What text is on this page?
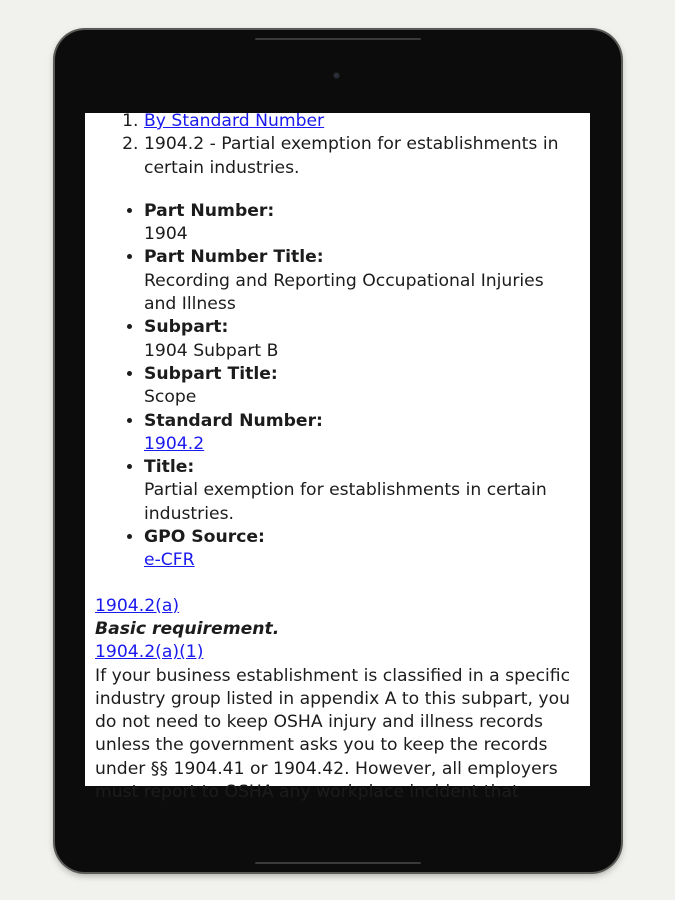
1. By Standard Number
2. 1904.2 - Partial exemption for establishments in certain industries.
• Part Number:
1904
• Part Number Title:
Recording and Reporting Occupational Injuries and Illness
• Subpart:
1904 Subpart B
• Subpart Title:
Scope
• Standard Number:
1904.2
• Title:
Partial exemption for establishments in certain industries.
• GPO Source:
e-CFR
1904.2(a)
Basic requirement.
1904.2(a)(1)
If your business establishment is classified in a specific industry group listed in appendix A to this subpart, you do not need to keep OSHA injury and illness records unless the government asks you to keep the records under §§ 1904.41 or 1904.42. However, all employers must report to OSHA any workplace incident that
